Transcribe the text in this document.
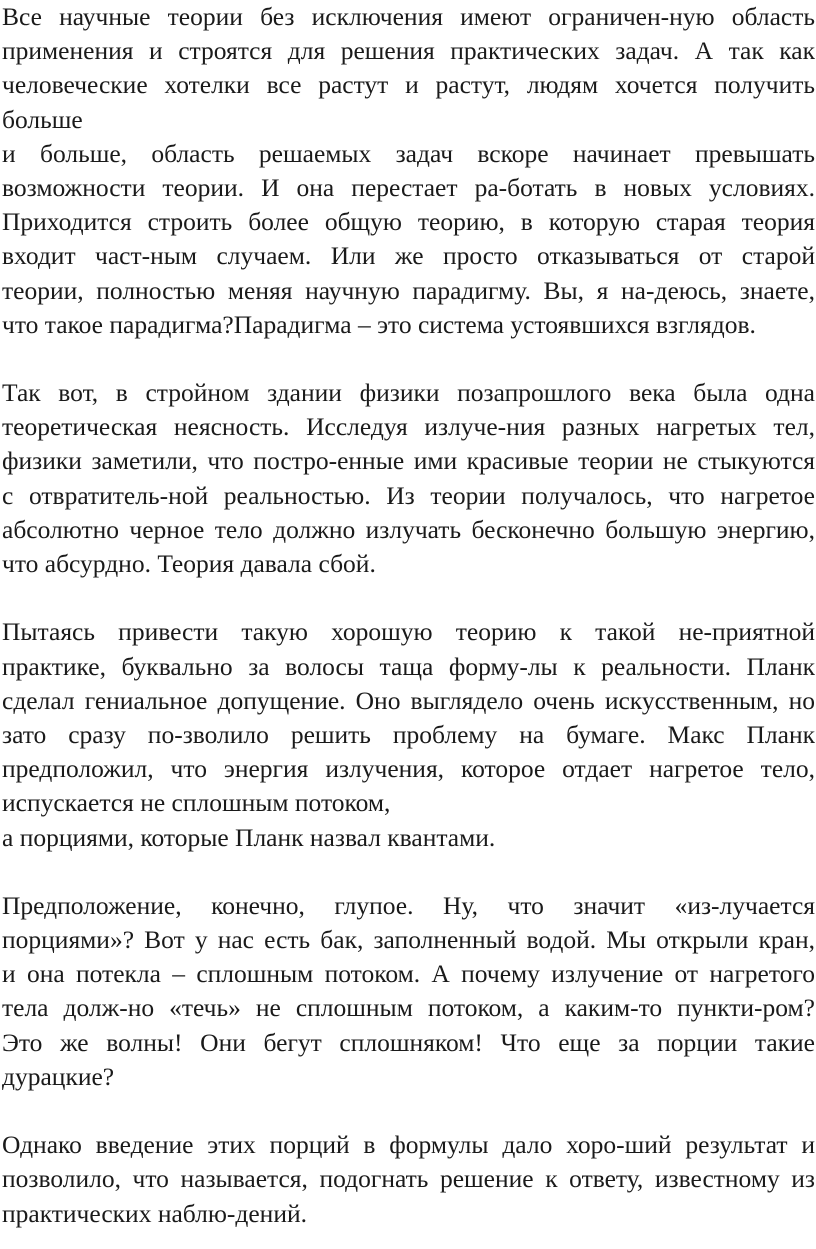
Все научные теории без исключения имеют ограничен-ную область
применения и строятся для решения практических задач. А так как
человеческие хотелки все растут и растут, людям хочется получить
больше
и больше, область решаемых задач вскоре начинает превышать
возможности теории. И она перестает ра-ботать в новых условиях.
Приходится строить более общую теорию, в которую старая теория
входит част-ным случаем. Или же просто отказываться от старой
теории, полностью меняя научную парадигму. Вы, я на-деюсь, знаете,
что такое парадигма?Парадигма – это система устоявшихся взглядов.
Так вот, в стройном здании физики позапрошлого века была одна
теоретическая неясность. Исследуя излуче-ния разных нагретых тел,
физики заметили, что постро-енные ими красивые теории не стыкуются
с отвратитель-ной реальностью. Из теории получалось, что нагретое
абсолютно черное тело должно излучать бесконечно большую энергию,
что абсурдно. Теория давала сбой.
Пытаясь привести такую хорошую теорию к такой не-приятной
практике, буквально за волосы таща форму-лы к реальности. Планк
сделал гениальное допущение. Оно выглядело очень искусственным, но
зато сразу по-зволило решить проблему на бумаге. Макс Планк
предположил, что энергия излучения, которое отдает нагретое тело,
испускается не сплошным потоком,
а порциями, которые Планк назвал квантами.
Предположение, конечно, глупое. Ну, что значит «из-лучается
порциями»? Вот у нас есть бак, заполненный водой. Мы открыли кран,
и она потекла – сплошным потоком. А почему излучение от нагретого
тела долж-но «течь» не сплошным потоком, а каким-то пункти-ром?
Это же волны! Они бегут сплошняком! Что еще за порции такие
дурацкие?
Однако введение этих порций в формулы дало хоро-ший результат и
позволило, что называется, подогнать решение к ответу, известному из
практических наблю-дений.
